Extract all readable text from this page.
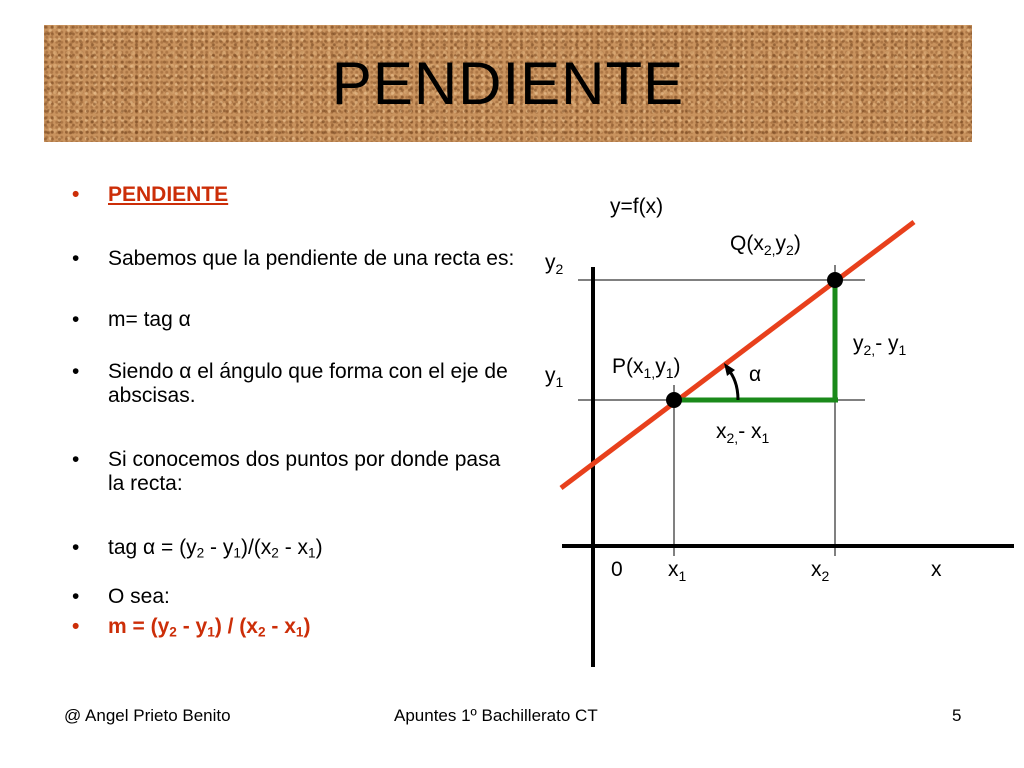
PENDIENTE
• PENDIENTE
• Sabemos que la pendiente de una recta es:
• m= tag α
• Siendo α el ángulo que forma con el eje de abscisas.
• Si conocemos dos puntos por donde pasa la recta:
• tag $\alpha = (y_2 - y_1)/(x_2 - x_1)$
• O sea:
• $m = (y_2 - y_1) / (x_2 - x_1)$
y=f(x)
$Q(x_{2,}y_2)$
$y_2$
$y_{2,}-$ $y_1$
$P(x_{1,}y_1)$
$y_1$	α
$x_{2,}-$ $x_1$
0 $x_1$	$x_2$	x
@ Angel Prieto Benito	Apuntes 1º Bachillerato CT	5
